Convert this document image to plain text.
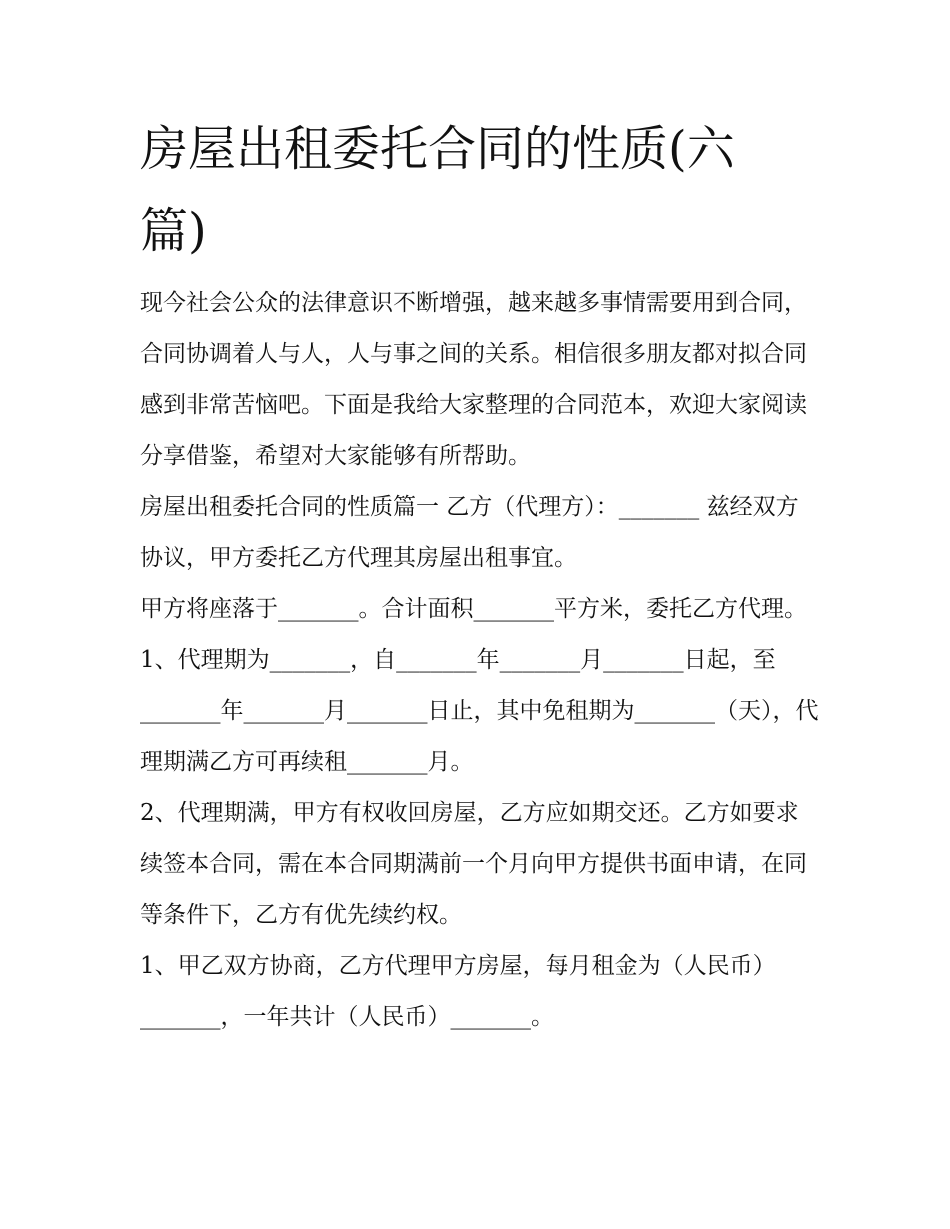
房屋出租委托合同的性质(六
篇)

现今社会公众的法律意识不断增强，越来越多事情需要用到合同，合同协调着人与人，人与事之间的关系。相信很多朋友都对拟合同感到非常苦恼吧。下面是我给大家整理的合同范本，欢迎大家阅读分享借鉴，希望对大家能够有所帮助。

房屋出租委托合同的性质篇一 乙方（代理方）：_______ 兹经双方协议，甲方委托乙方代理其房屋出租事宜。

甲方将座落于_______。合计面积_______平方米，委托乙方代理。

1、代理期为_______，自_______年_______月_______日起，至_______年_______月_______日止，其中免租期为_______（天），代理期满乙方可再续租_______月。

2、代理期满，甲方有权收回房屋，乙方应如期交还。乙方如要求续签本合同，需在本合同期满前一个月向甲方提供书面申请，在同等条件下，乙方有优先续约权。

1、甲乙双方协商，乙方代理甲方房屋，每月租金为（人民币）_______，一年共计（人民币）_______。
